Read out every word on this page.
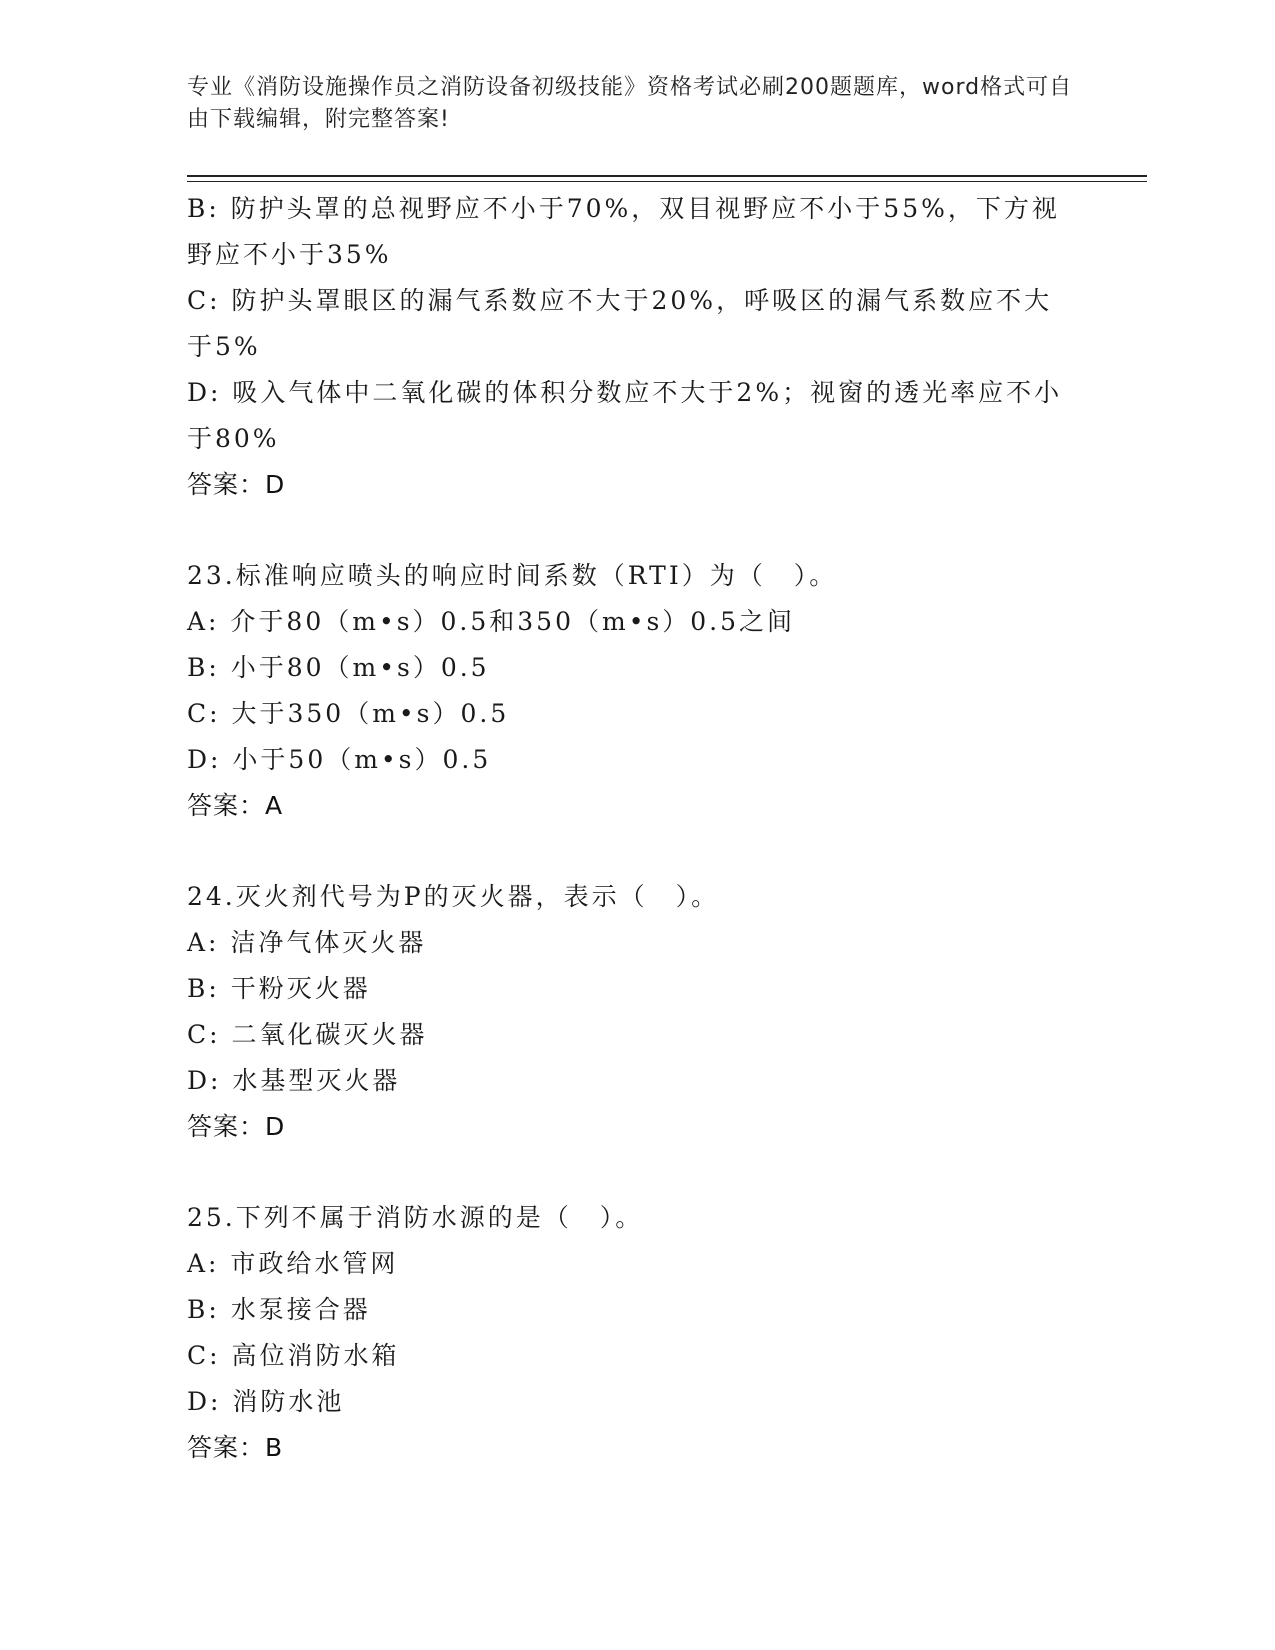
专业《消防设施操作员之消防设备初级技能》资格考试必刷200题题库，word格式可自由下载编辑，附完整答案!
B: 防护头罩的总视野应不小于70%，双目视野应不小于55%，下方视
野应不小于35%
C: 防护头罩眼区的漏气系数应不大于20%，呼吸区的漏气系数应不大
于5%
D: 吸入气体中二氧化碳的体积分数应不大于2%；视窗的透光率应不小
于80%
答案：D
23.标准响应喷头的响应时间系数（RTI）为（　）。
A: 介于80（m•s）0.5和350（m•s）0.5之间
B: 小于80（m•s）0.5
C: 大于350（m•s）0.5
D: 小于50（m•s）0.5
答案：A
24.灭火剂代号为P的灭火器，表示（　）。
A: 洁净气体灭火器
B: 干粉灭火器
C: 二氧化碳灭火器
D: 水基型灭火器
答案：D
25.下列不属于消防水源的是（　）。
A: 市政给水管网
B: 水泵接合器
C: 高位消防水箱
D: 消防水池
答案：B
